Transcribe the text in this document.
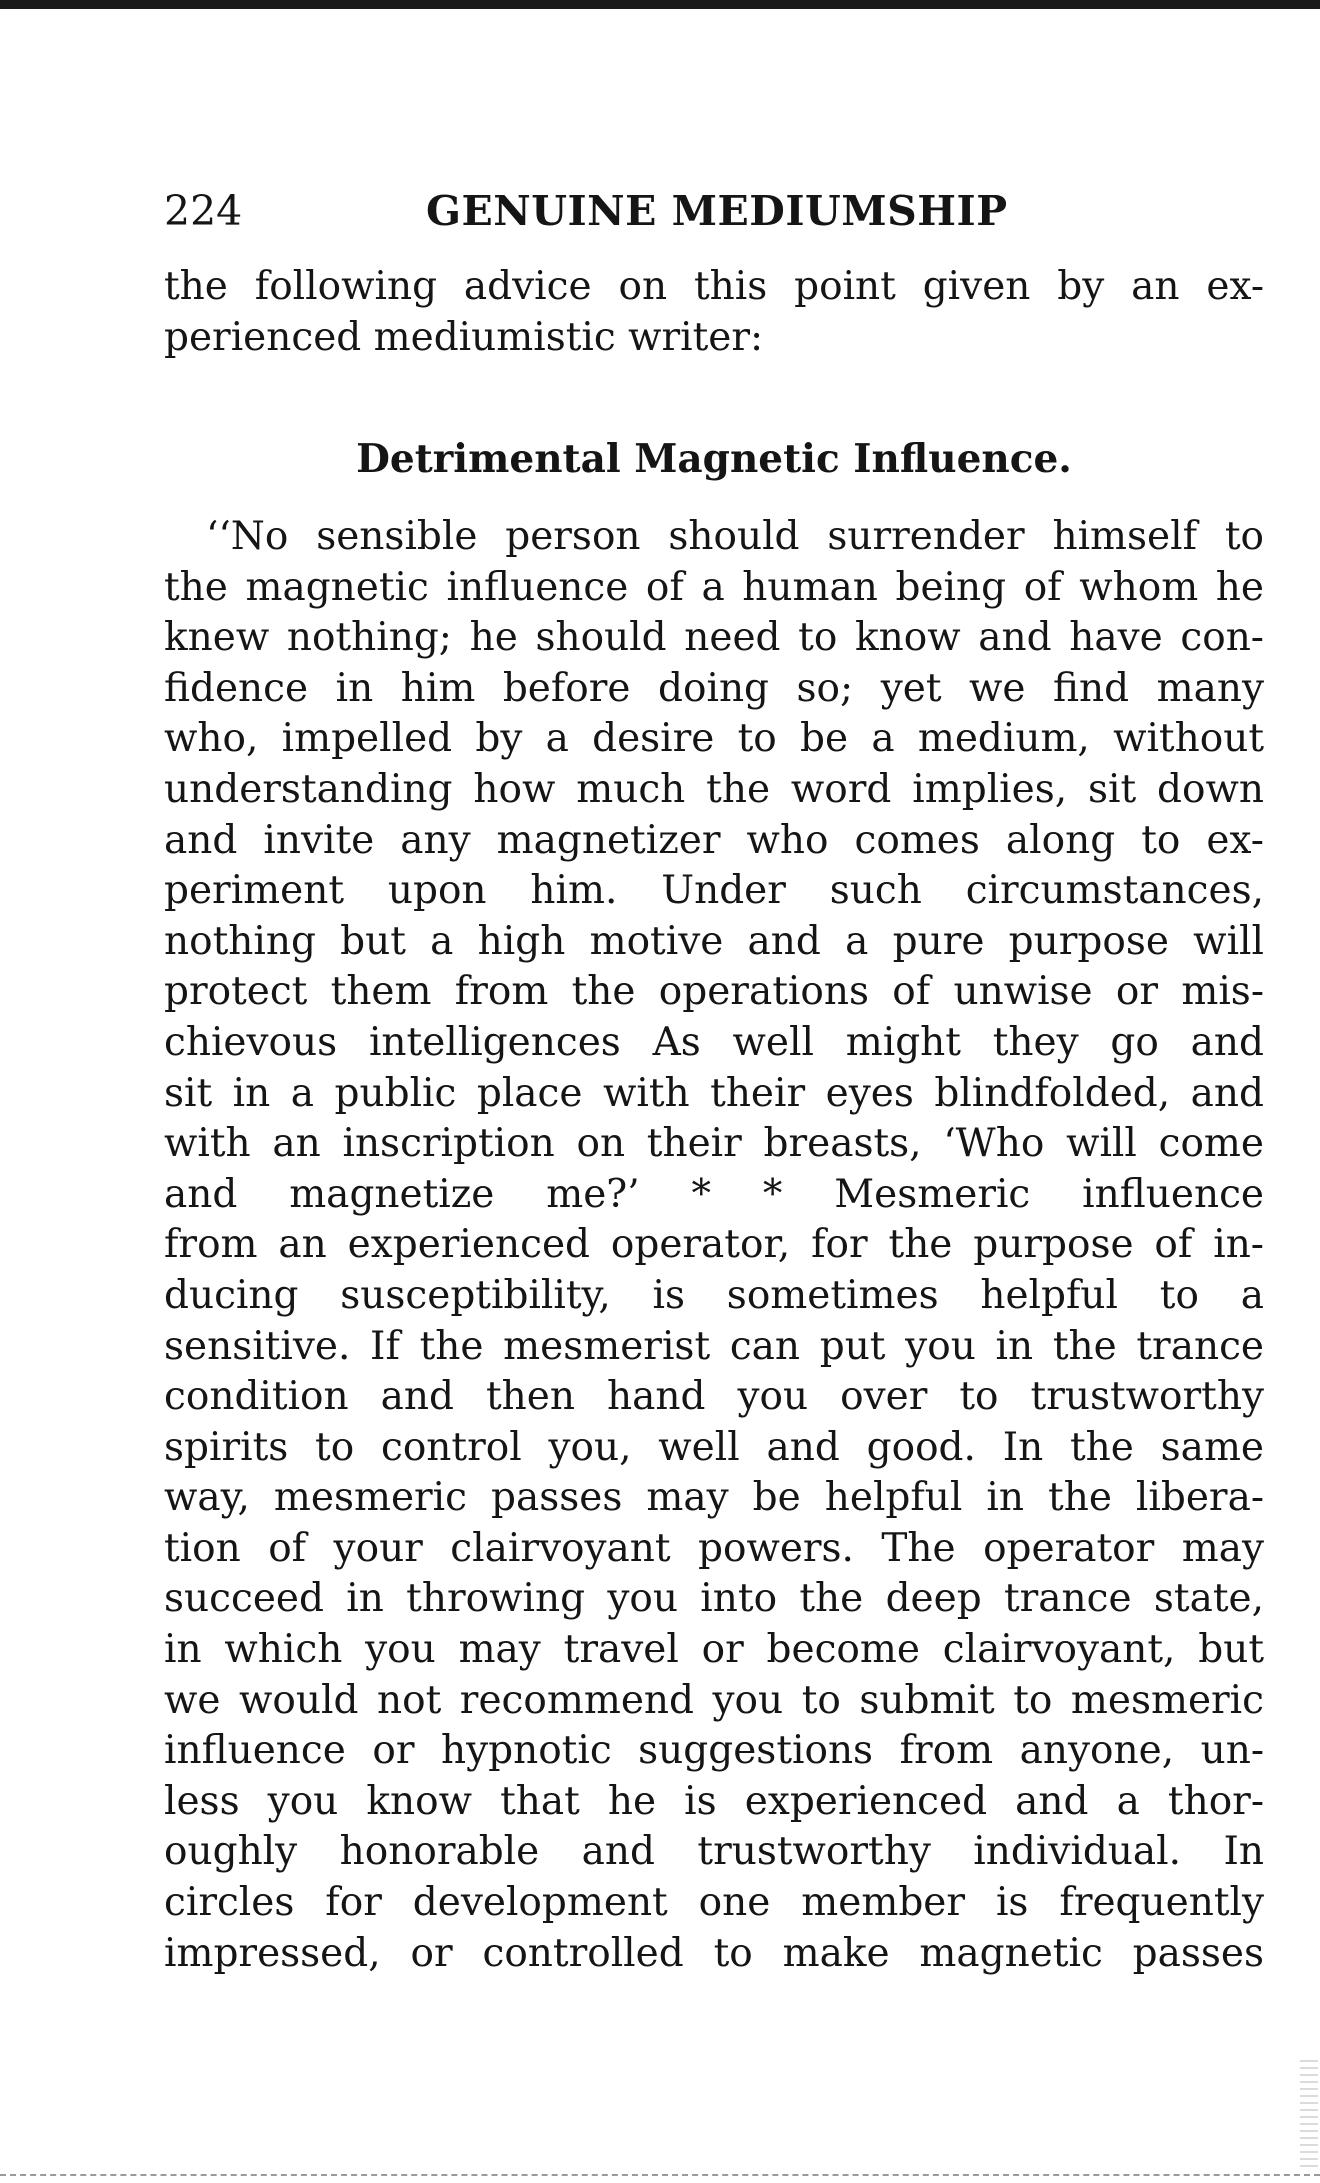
224	GENUINE MEDIUMSHIP
the following advice on this point given by an ex-
perienced mediumistic writer:
Detrimental Magnetic Influence.
‘‘No sensible person should surrender himself to
the magnetic influence of a human being of whom he
knew nothing; he should need to know and have con-
fidence in him before doing so; yet we find many
who, impelled by a desire to be a medium, without
understanding how much the word implies, sit down
and invite any magnetizer who comes along to ex-
periment upon him. Under such circumstances,
nothing but a high motive and a pure purpose will
protect them from the operations of unwise or mis-
chievous intelligences As well might they go and
sit in a public place with their eyes blindfolded, and
with an inscription on their breasts, ‘Who will come
and magnetize me?’ * * Mesmeric influence
from an experienced operator, for the purpose of in-
ducing susceptibility, is sometimes helpful to a
sensitive. If the mesmerist can put you in the trance
condition and then hand you over to trustworthy
spirits to control you, well and good. In the same
way, mesmeric passes may be helpful in the libera-
tion of your clairvoyant powers. The operator may
succeed in throwing you into the deep trance state,
in which you may travel or become clairvoyant, but
we would not recommend you to submit to mesmeric
influence or hypnotic suggestions from anyone, un-
less you know that he is experienced and a thor-
oughly honorable and trustworthy individual. In
circles for development one member is frequently
impressed, or controlled to make magnetic passes
